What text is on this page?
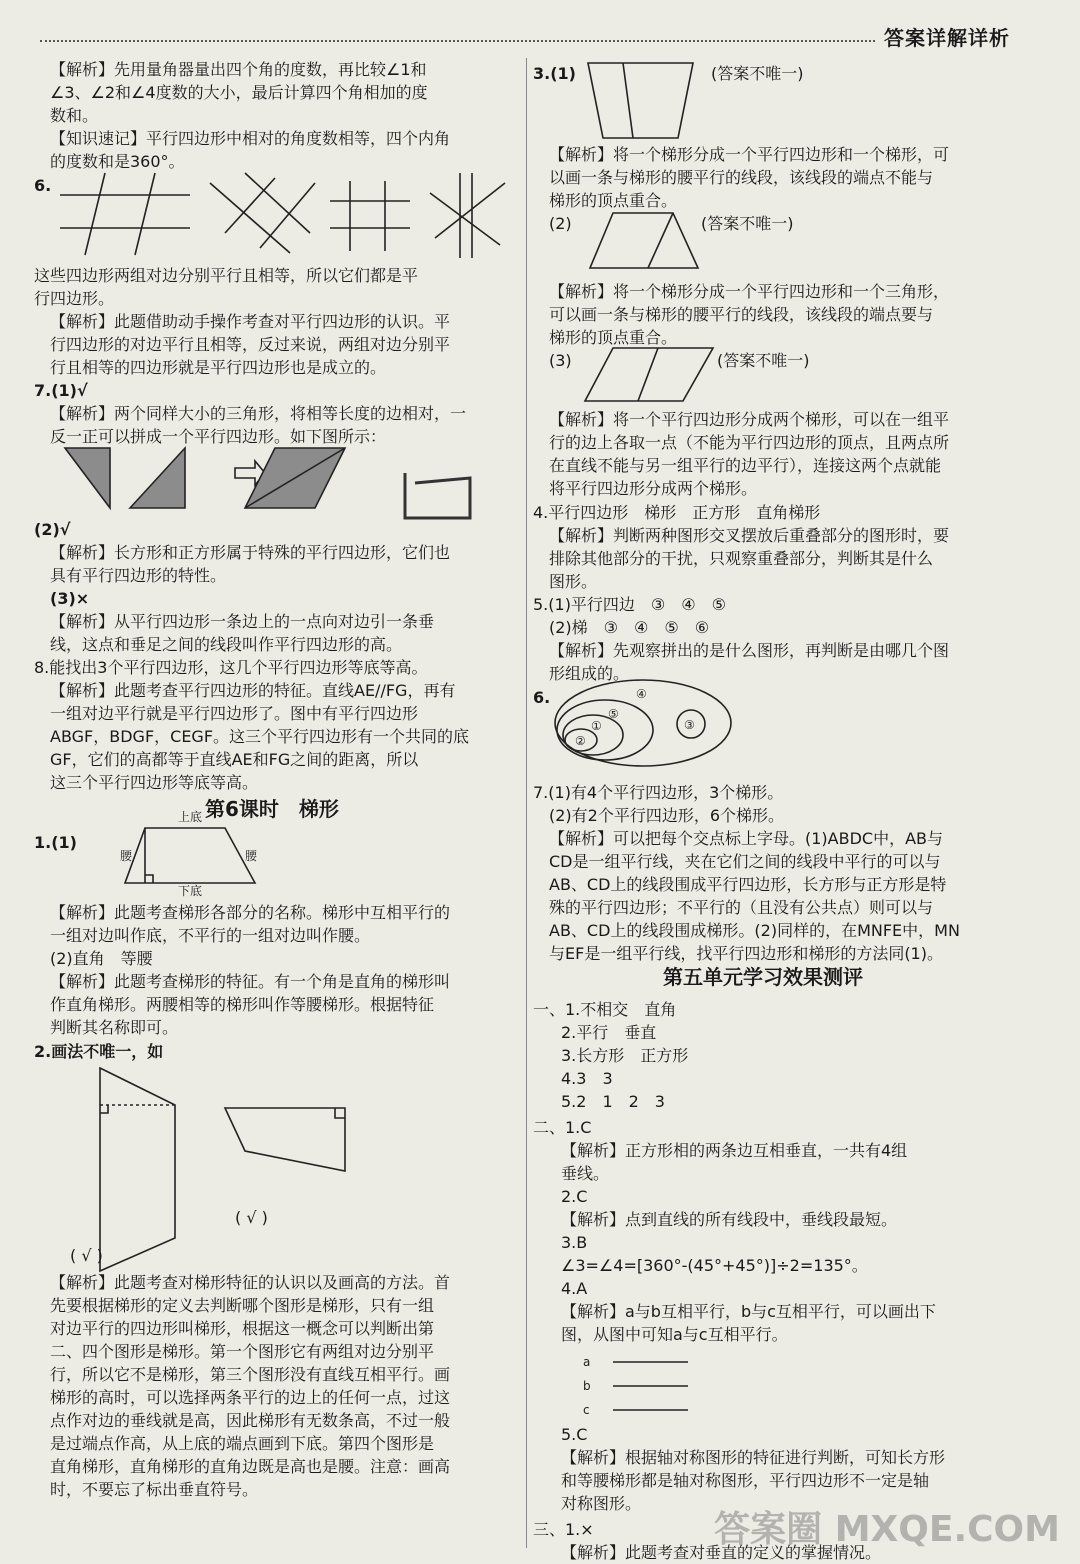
答案详解详析
【解析】先用量角器量出四个角的度数，再比较∠1和
∠3、∠2和∠4度数的大小，最后计算四个角相加的度
数和。
【知识速记】平行四边形中相对的角度数相等，四个内角
的度数和是360°。
6.
这些四边形两组对边分别平行且相等，所以它们都是平
行四边形。
【解析】此题借助动手操作考查对平行四边形的认识。平
行四边形的对边平行且相等，反过来说，两组对边分别平
行且相等的四边形就是平行四边形也是成立的。
7.(1)√
【解析】两个同样大小的三角形，将相等长度的边相对，一
反一正可以拼成一个平行四边形。如下图所示：
(2)√
【解析】长方形和正方形属于特殊的平行四边形，它们也
具有平行四边形的特性。
(3)×
【解析】从平行四边形一条边上的一点向对边引一条垂
线，这点和垂足之间的线段叫作平行四边形的高。
8.能找出3个平行四边形，这几个平行四边形等底等高。
【解析】此题考查平行四边形的特征。直线AE//FG，再有
一组对边平行就是平行四边形了。图中有平行四边形
ABGF，BDGF，CEGF。这三个平行四边形有一个共同的底
GF，它们的高都等于直线AE和FG之间的距离，所以
这三个平行四边形等底等高。
第6课时　梯形
1.(1)
上底
腰	腰
下底
【解析】此题考查梯形各部分的名称。梯形中互相平行的
一组对边叫作底，不平行的一组对边叫作腰。
(2)直角　等腰
【解析】此题考查梯形的特征。有一个角是直角的梯形叫
作直角梯形。两腰相等的梯形叫作等腰梯形。根据特征
判断其名称即可。
2.画法不唯一，如
( √ )
( √ )
【解析】此题考查对梯形特征的认识以及画高的方法。首
先要根据梯形的定义去判断哪个图形是梯形，只有一组
对边平行的四边形叫梯形，根据这一概念可以判断出第
二、四个图形是梯形。第一个图形它有两组对边分别平
行，所以它不是梯形，第三个图形没有直线互相平行。画
梯形的高时，可以选择两条平行的边上的任何一点，过这
点作对边的垂线就是高，因此梯形有无数条高，不过一般
是过端点作高，从上底的端点画到下底。第四个图形是
直角梯形，直角梯形的直角边既是高也是腰。注意：画高
时，不要忘了标出垂直符号。
3.(1)	(答案不唯一)
【解析】将一个梯形分成一个平行四边形和一个梯形，可
以画一条与梯形的腰平行的线段，该线段的端点不能与
梯形的顶点重合。
(2)	(答案不唯一)
【解析】将一个梯形分成一个平行四边形和一个三角形，
可以画一条与梯形的腰平行的线段，该线段的端点要与
梯形的顶点重合。
(3)	(答案不唯一)
【解析】将一个平行四边形分成两个梯形，可以在一组平
行的边上各取一点（不能为平行四边形的顶点，且两点所
在直线不能与另一组平行的边平行），连接这两个点就能
将平行四边形分成两个梯形。
4.平行四边形　梯形　正方形　直角梯形
【解析】判断两种图形交叉摆放后重叠部分的图形时，要
排除其他部分的干扰，只观察重叠部分，判断其是什么
图形。
5.(1)平行四边　③　④　⑤
(2)梯　③　④　⑤　⑥
【解析】先观察拼出的是什么图形，再判断是由哪几个图
形组成的。
6.
②
①
⑤
④
③
7.(1)有4个平行四边形，3个梯形。
(2)有2个平行四边形，6个梯形。
【解析】可以把每个交点标上字母。(1)ABDC中，AB与
CD是一组平行线，夹在它们之间的线段中平行的可以与
AB、CD上的线段围成平行四边形，长方形与正方形是特
殊的平行四边形；不平行的（且没有公共点）则可以与
AB、CD上的线段围成梯形。(2)同样的，在MNFE中，MN
与EF是一组平行线，找平行四边形和梯形的方法同(1)。
第五单元学习效果测评
一、1.不相交　直角
2.平行　垂直
3.长方形　正方形
4.3　3
5.2　1　2　3
二、1.C
【解析】正方形相的两条边互相垂直，一共有4组
垂线。
2.C
【解析】点到直线的所有线段中，垂线段最短。
3.B
∠3=∠4=[360°-(45°+45°)]÷2=135°。
4.A
【解析】a与b互相平行，b与c互相平行，可以画出下
图，从图中可知a与c互相平行。
a
b
c
5.C
【解析】根据轴对称图形的特征进行判断，可知长方形
和等腰梯形都是轴对称图形，平行四边形不一定是轴
对称图形。
三、1.×
【解析】此题考查对垂直的定义的掌握情况。
答案圈 MXQE.COM
